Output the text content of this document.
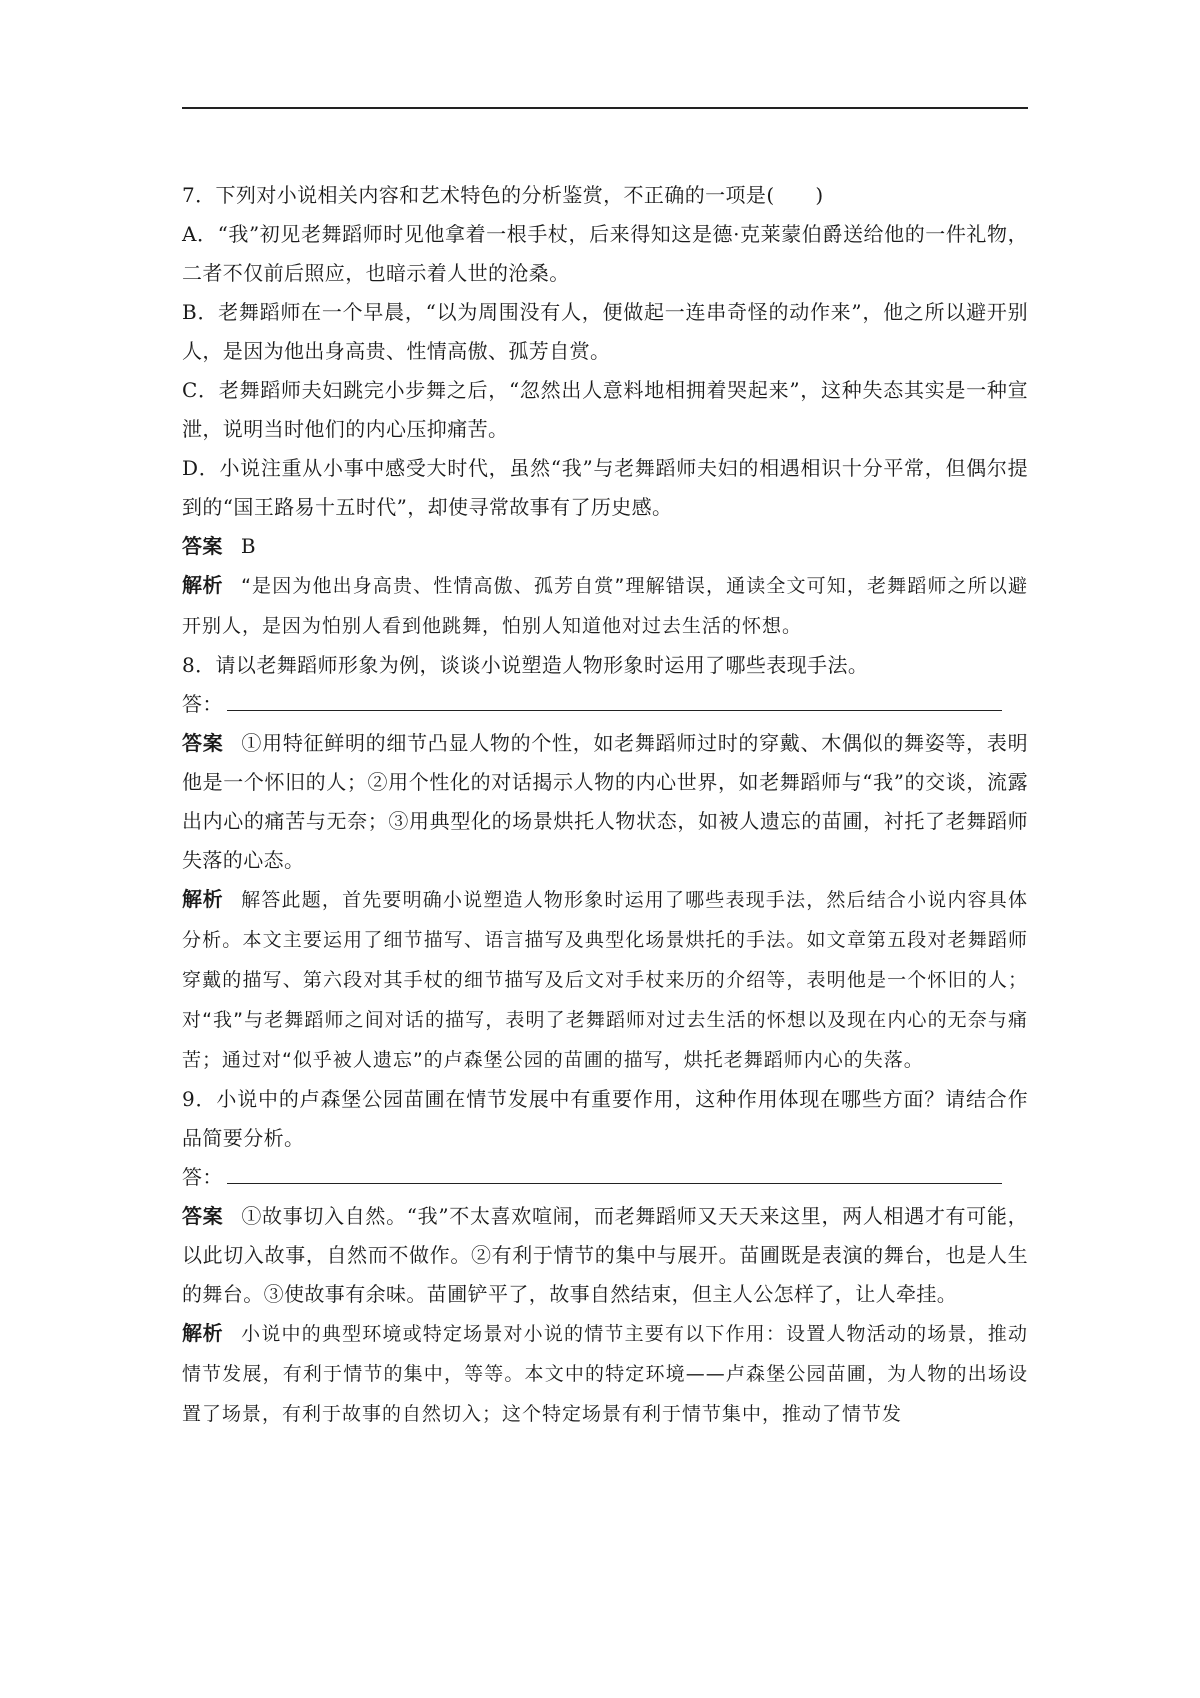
7．下列对小说相关内容和艺术特色的分析鉴赏，不正确的一项是(　　)

A．“我”初见老舞蹈师时见他拿着一根手杖，后来得知这是德·克莱蒙伯爵送给他的一件礼物，二者不仅前后照应，也暗示着人世的沧桑。

B．老舞蹈师在一个早晨，“以为周围没有人，便做起一连串奇怪的动作来”，他之所以避开别人，是因为他出身高贵、性情高傲、孤芳自赏。

C．老舞蹈师夫妇跳完小步舞之后，“忽然出人意料地相拥着哭起来”，这种失态其实是一种宣泄，说明当时他们的内心压抑痛苦。

D．小说注重从小事中感受大时代，虽然“我”与老舞蹈师夫妇的相遇相识十分平常，但偶尔提到的“国王路易十五时代”，却使寻常故事有了历史感。

答案 B

解析 “是因为他出身高贵、性情高傲、孤芳自赏”理解错误，通读全文可知，老舞蹈师之所以避开别人，是因为怕别人看到他跳舞，怕别人知道他对过去生活的怀想。

8．请以老舞蹈师形象为例，谈谈小说塑造人物形象时运用了哪些表现手法。

答：

答案 ①用特征鲜明的细节凸显人物的个性，如老舞蹈师过时的穿戴、木偶似的舞姿等，表明他是一个怀旧的人；②用个性化的对话揭示人物的内心世界，如老舞蹈师与“我”的交谈，流露出内心的痛苦与无奈；③用典型化的场景烘托人物状态，如被人遗忘的苗圃，衬托了老舞蹈师失落的心态。

解析 解答此题，首先要明确小说塑造人物形象时运用了哪些表现手法，然后结合小说内容具体分析。本文主要运用了细节描写、语言描写及典型化场景烘托的手法。如文章第五段对老舞蹈师穿戴的描写、第六段对其手杖的细节描写及后文对手杖来历的介绍等，表明他是一个怀旧的人；对“我”与老舞蹈师之间对话的描写，表明了老舞蹈师对过去生活的怀想以及现在内心的无奈与痛苦；通过对“似乎被人遗忘”的卢森堡公园的苗圃的描写，烘托老舞蹈师内心的失落。

9．小说中的卢森堡公园苗圃在情节发展中有重要作用，这种作用体现在哪些方面？请结合作品简要分析。

答：

答案 ①故事切入自然。“我”不太喜欢喧闹，而老舞蹈师又天天来这里，两人相遇才有可能，以此切入故事，自然而不做作。②有利于情节的集中与展开。苗圃既是表演的舞台，也是人生的舞台。③使故事有余味。苗圃铲平了，故事自然结束，但主人公怎样了，让人牵挂。

解析 小说中的典型环境或特定场景对小说的情节主要有以下作用：设置人物活动的场景，推动情节发展，有利于情节的集中，等等。本文中的特定环境——卢森堡公园苗圃，为人物的出场设置了场景，有利于故事的自然切入；这个特定场景有利于情节集中，推动了情节发
